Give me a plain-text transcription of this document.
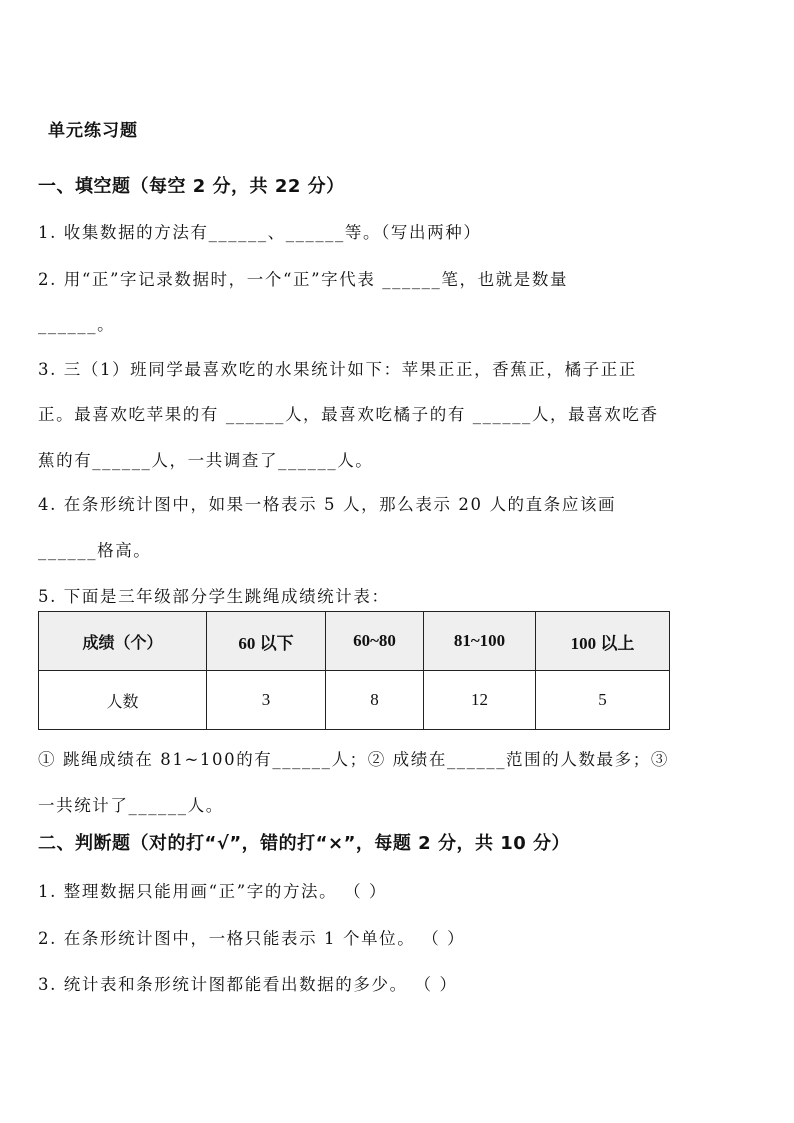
单元练习题
一、填空题（每空 2 分，共 22 分）
1. 收集数据的方法有______、______等。（写出两种）
2. 用“正”字记录数据时，一个“正”字代表 ______笔，也就是数量
______。
3. 三（1）班同学最喜欢吃的水果统计如下：苹果正正，香蕉正，橘子正正
正。最喜欢吃苹果的有 ______人，最喜欢吃橘子的有 ______人，最喜欢吃香
蕉的有______人，一共调查了______人。
4. 在条形统计图中，如果一格表示 5 人，那么表示 20 人的直条应该画
______格高。
5. 下面是三年级部分学生跳绳成绩统计表：
成绩（个）	60 以下	60~80	81~100	100 以上
人数	3	8	12	5
① 跳绳成绩在 81~100的有______人；② 成绩在______范围的人数最多；③
一共统计了______人。
二、判断题（对的打“√”，错的打“×”，每题 2 分，共 10 分）
1. 整理数据只能用画“正”字的方法。 （ ）
2. 在条形统计图中，一格只能表示 1 个单位。 （ ）
3. 统计表和条形统计图都能看出数据的多少。 （ ）
